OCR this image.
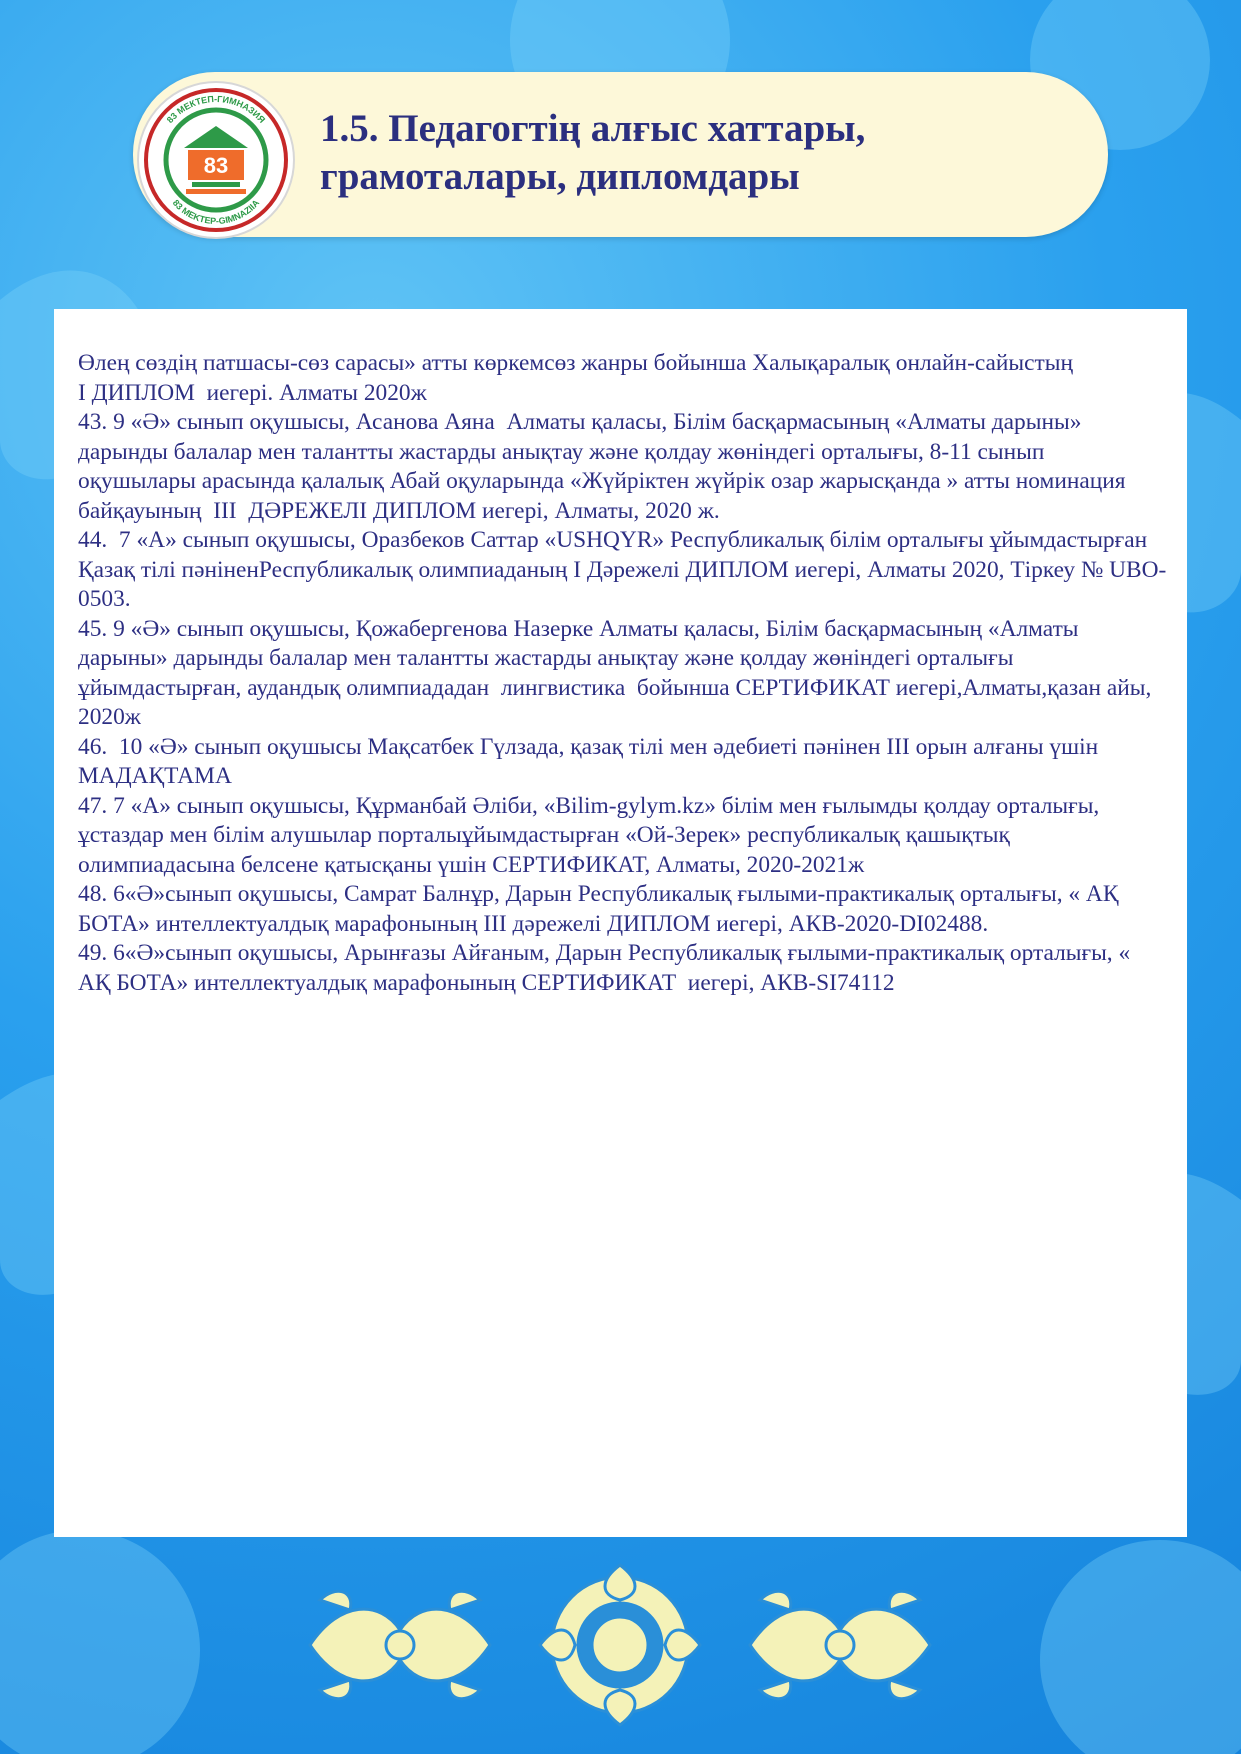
83
83 МЕКТЕП-ГИМНАЗИЯ
83 MEKTEP-GIMNAZIIA
1.5. Педагогтің алғыс хаттары,
грамоталары, дипломдары

Өлең сөздің патшасы-сөз сарасы» атты көркемсөз жанры бойынша Халықаралық онлайн-сайыстың

І ДИПЛОМ  иегері. Алматы 2020ж

43. 9 «Ә» сынып оқушысы, Асанова Аяна  Алматы қаласы, Білім басқармасының «Алматы дарыны» дарынды балалар мен талантты жастарды анықтау және қолдау жөніндегі орталығы, 8-11 сынып оқушылары арасында қалалық Абай оқуларында «Жүйріктен жүйрік озар жарысқанда » атты номинация байқауының  ІІІ  ДӘРЕЖЕЛІ ДИПЛОМ иегері, Алматы, 2020 ж.

44.  7 «А» сынып оқушысы, Оразбеков Саттар «USHQYR» Республикалық білім орталығы ұйымдастырған Қазақ тілі пәніненРеспубликалық олимпиаданың І Дәрежелі ДИПЛОМ иегері, Алматы 2020, Тіркеу № UBO-0503.

45. 9 «Ә» сынып оқушысы, Қожабергенова Назерке Алматы қаласы, Білім басқармасының «Алматы дарыны» дарынды балалар мен талантты жастарды анықтау және қолдау жөніндегі орталығы ұйымдастырған, аудандық олимпиададан  лингвистика  бойынша СЕРТИФИКАТ иегері,Алматы,қазан айы, 2020ж

46.  10 «Ә» сынып оқушысы Мақсатбек Гүлзада, қазақ тілі мен әдебиеті пәнінен ІІІ орын алғаны үшін МАДАҚТАМА

47. 7 «А» сынып оқушысы, Құрманбай Әліби, «Bilim-gylym.kz» білім мен ғылымды қолдау орталығы, ұстаздар мен білім алушылар порталыұйымдастырған «Ой-Зерек» республикалық қашықтық олимпиадасына белсене қатысқаны үшін СЕРТИФИКАТ, Алматы, 2020-2021ж

48. 6«Ә»сынып оқушысы, Самрат Балнұр, Дарын Республикалық ғылыми-практикалық орталығы, « АҚ БОТА» интеллектуалдық марафонының ІІІ дәрежелі ДИПЛОМ иегері, АКВ-2020-DI02488.

49. 6«Ә»сынып оқушысы, Арынғазы Айғаным, Дарын Республикалық ғылыми-практикалық орталығы, « АҚ БОТА» интеллектуалдық марафонының СЕРТИФИКАТ  иегері, АКВ-SI74112
